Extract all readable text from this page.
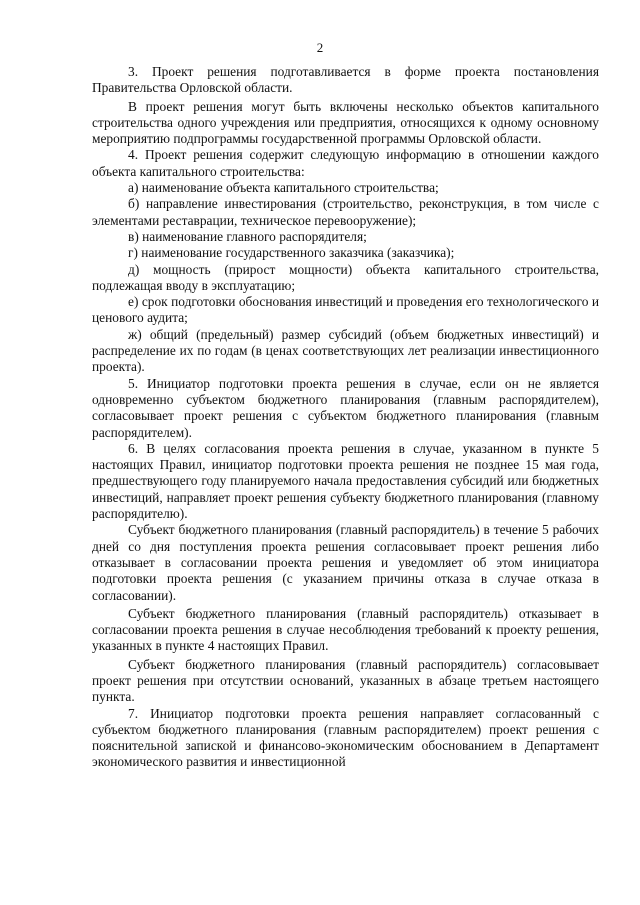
2

3. Проект решения подготавливается в форме проекта постановления Правительства Орловской области.

В проект решения могут быть включены несколько объектов капитального строительства одного учреждения или предприятия, относящихся к одному основному мероприятию подпрограммы государственной программы Орловской области.

4. Проект решения содержит следующую информацию в отношении каждого объекта капитального строительства:

а) наименование объекта капитального строительства;

б) направление инвестирования (строительство, реконструкция, в том числе с элементами реставрации, техническое перевооружение);

в) наименование главного распорядителя;

г) наименование государственного заказчика (заказчика);

д) мощность (прирост мощности) объекта капитального строительства, подлежащая вводу в эксплуатацию;

е) срок подготовки обоснования инвестиций и проведения его технологического и ценового аудита;

ж) общий (предельный) размер субсидий (объем бюджетных инвестиций) и распределение их по годам (в ценах соответствующих лет реализации инвестиционного проекта).

5. Инициатор подготовки проекта решения в случае, если он не является одновременно субъектом бюджетного планирования (главным распорядителем), согласовывает проект решения с субъектом бюджетного планирования (главным распорядителем).

6. В целях согласования проекта решения в случае, указанном в пункте 5 настоящих Правил, инициатор подготовки проекта решения не позднее 15 мая года, предшествующего году планируемого начала предоставления субсидий или бюджетных инвестиций, направляет проект решения субъекту бюджетного планирования (главному распорядителю).

Субъект бюджетного планирования (главный распорядитель) в течение 5 рабочих дней со дня поступления проекта решения согласовывает проект решения либо отказывает в согласовании проекта решения и уведомляет об этом инициатора подготовки проекта решения (с указанием причины отказа в случае отказа в согласовании).

Субъект бюджетного планирования (главный распорядитель) отказывает в согласовании проекта решения в случае несоблюдения требований к проекту решения, указанных в пункте 4 настоящих Правил.

Субъект бюджетного планирования (главный распорядитель) согласовывает проект решения при отсутствии оснований, указанных в абзаце третьем настоящего пункта.

7. Инициатор подготовки проекта решения направляет согласованный с субъектом бюджетного планирования (главным распорядителем) проект решения с пояснительной запиской и финансово-экономическим обоснованием в Департамент экономического развития и инвестиционной
